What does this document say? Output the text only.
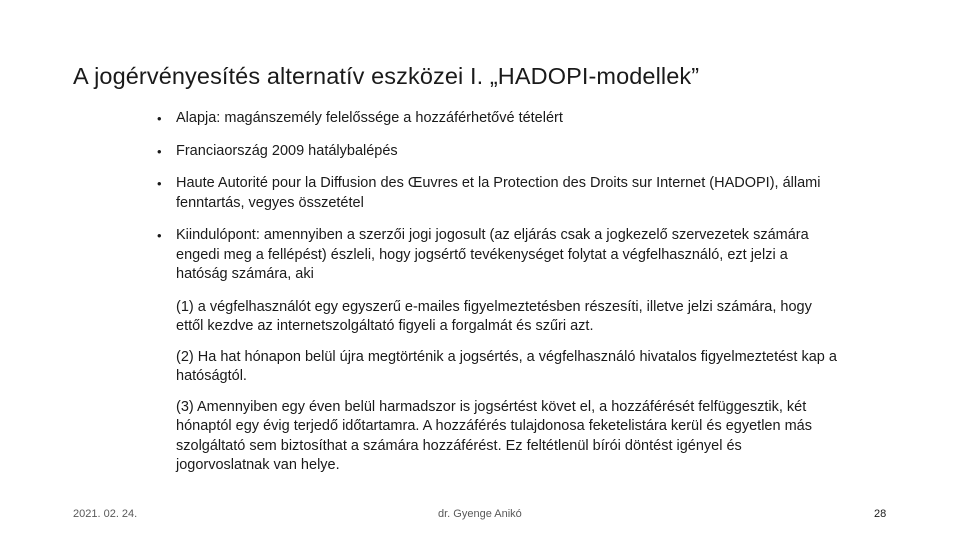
A jogérvényesítés alternatív eszközei I. „HADOPI-modellek”
• Alapja: magánszemély felelőssége a hozzáférhetővé tételért
• Franciaország 2009 hatálybalépés
• Haute Autorité pour la Diffusion des Œuvres et la Protection des Droits sur Internet (HADOPI), állami fenntartás, vegyes összetétel
• Kiindulópont: amennyiben a szerzői jogi jogosult (az eljárás csak a jogkezelő szervezetek számára engedi meg a fellépést) észleli, hogy jogsértő tevékenységet folytat a végfelhasználó, ezt jelzi a hatóság számára, aki
(1) a végfelhasználót egy egyszerű e-mailes figyelmeztetésben részesíti, illetve jelzi számára, hogy ettől kezdve az internetszolgáltató figyeli a forgalmát és szűri azt.
(2) Ha hat hónapon belül újra megtörténik a jogsértés, a végfelhasználó hivatalos figyelmeztetést kap a hatóságtól.
(3) Amennyiben egy éven belül harmadszor is jogsértést követ el, a hozzáférését felfüggesztik, két hónaptól egy évig terjedő időtartamra. A hozzáférés tulajdonosa feketelistára kerül és egyetlen más szolgáltató sem biztosíthat a számára hozzáférést. Ez feltétlenül bírói döntést igényel és jogorvoslatnak van helye.
2021. 02. 24.	dr. Gyenge Anikó	28
